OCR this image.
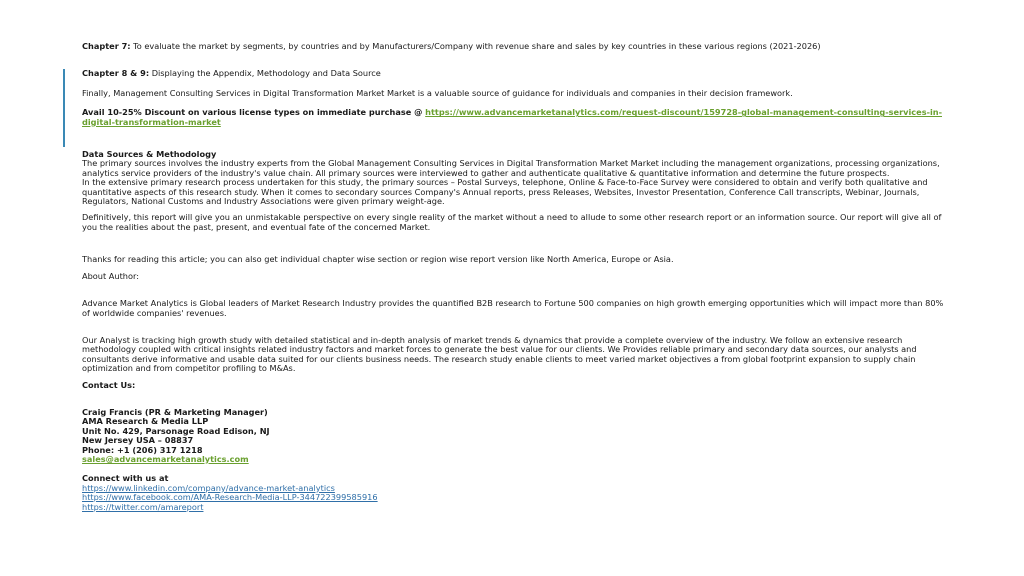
Chapter 7: To evaluate the market by segments, by countries and by Manufacturers/Company with revenue share and sales by key countries in these various regions (2021-2026)

Chapter 8 & 9: Displaying the Appendix, Methodology and Data Source

Finally, Management Consulting Services in Digital Transformation Market Market is a valuable source of guidance for individuals and companies in their decision framework.

Avail 10-25% Discount on various license types on immediate purchase @ https://www.advancemarketanalytics.com/request-discount/159728-global-management-consulting-services-in-digital-transformation-market

Data Sources & Methodology

The primary sources involves the industry experts from the Global Management Consulting Services in Digital Transformation Market Market including the management organizations, processing organizations, analytics service providers of the industry's value chain. All primary sources were interviewed to gather and authenticate qualitative & quantitative information and determine the future prospects.

In the extensive primary research process undertaken for this study, the primary sources – Postal Surveys, telephone, Online & Face-to-Face Survey were considered to obtain and verify both qualitative and quantitative aspects of this research study. When it comes to secondary sources Company's Annual reports, press Releases, Websites, Investor Presentation, Conference Call transcripts, Webinar, Journals, Regulators, National Customs and Industry Associations were given primary weight-age.

Definitively, this report will give you an unmistakable perspective on every single reality of the market without a need to allude to some other research report or an information source. Our report will give all of you the realities about the past, present, and eventual fate of the concerned Market.

Thanks for reading this article; you can also get individual chapter wise section or region wise report version like North America, Europe or Asia.

About Author:

Advance Market Analytics is Global leaders of Market Research Industry provides the quantified B2B research to Fortune 500 companies on high growth emerging opportunities which will impact more than 80% of worldwide companies' revenues.

Our Analyst is tracking high growth study with detailed statistical and in-depth analysis of market trends & dynamics that provide a complete overview of the industry. We follow an extensive research methodology coupled with critical insights related industry factors and market forces to generate the best value for our clients. We Provides reliable primary and secondary data sources, our analysts and consultants derive informative and usable data suited for our clients business needs. The research study enable clients to meet varied market objectives a from global footprint expansion to supply chain optimization and from competitor profiling to M&As.

Contact Us:

Craig Francis (PR & Marketing Manager)

AMA Research & Media LLP

Unit No. 429, Parsonage Road Edison, NJ

New Jersey USA – 08837

Phone: +1 (206) 317 1218

sales@advancemarketanalytics.com

Connect with us at

https://www.linkedin.com/company/advance-market-analytics

https://www.facebook.com/AMA-Research-Media-LLP-344722399585916

https://twitter.com/amareport
